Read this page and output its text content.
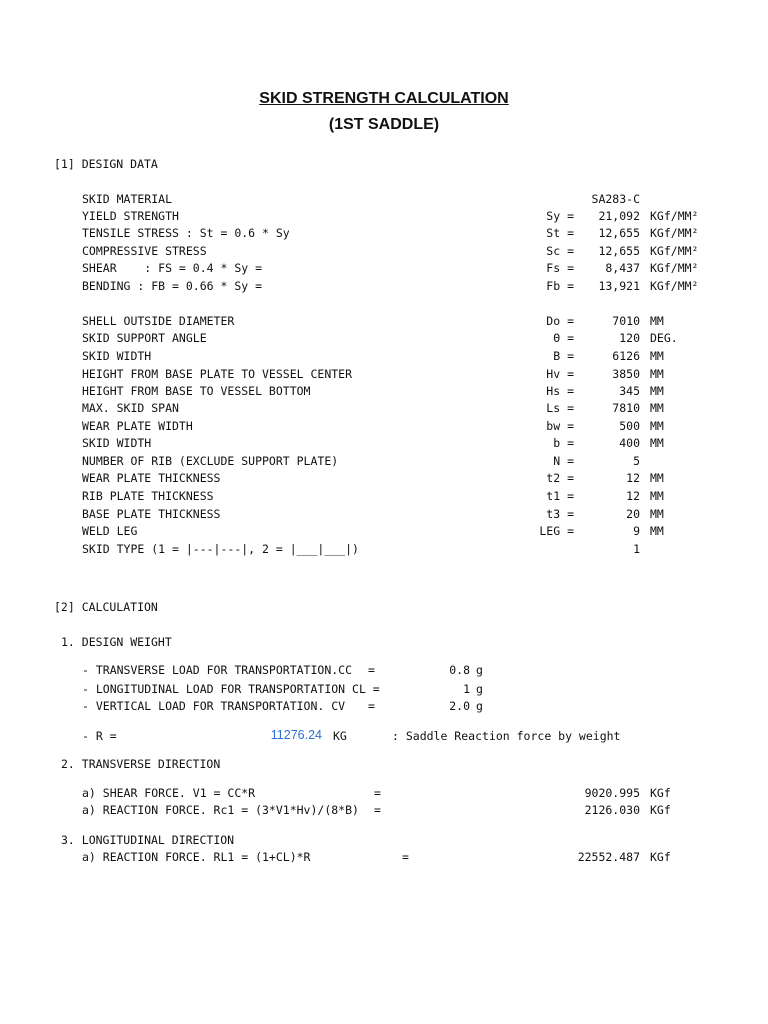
SKID STRENGTH CALCULATION
(1ST SADDLE)
[1] DESIGN DATA
SKID MATERIAL	SA283-C
YIELD STRENGTH	Sy =	21,092 KGf/MM²
TENSILE STRESS : St = 0.6 * Sy	St =	12,655 KGf/MM²
COMPRESSIVE STRESS	Sc =	12,655 KGf/MM²
SHEAR    : FS = 0.4 * Sy =	Fs =	8,437 KGf/MM²
BENDING : FB = 0.66 * Sy =	Fb =	13,921 KGf/MM²
SHELL OUTSIDE DIAMETER	Do =	7010 MM
SKID SUPPORT ANGLE	Θ =	120 DEG.
SKID WIDTH	B =	6126 MM
HEIGHT FROM BASE PLATE TO VESSEL CENTER	Hv =	3850 MM
HEIGHT FROM BASE TO VESSEL BOTTOM	Hs =	345 MM
MAX. SKID SPAN	Ls =	7810 MM
WEAR PLATE WIDTH	bw =	500 MM
SKID WIDTH	b =	400 MM
NUMBER OF RIB (EXCLUDE SUPPORT PLATE)	N =	5
WEAR PLATE THICKNESS	t2 =	12 MM
RIB PLATE THICKNESS	t1 =	12 MM
BASE PLATE THICKNESS	t3 =	20 MM
WELD LEG	LEG =	9 MM
SKID TYPE (1 = |---|---|, 2 = |___|___|)	1
[2] CALCULATION
1. DESIGN WEIGHT
- TRANSVERSE LOAD FOR TRANSPORTATION.CC =	0.8 g
- LONGITUDINAL LOAD FOR TRANSPORTATION CL =	1 g
- VERTICAL LOAD FOR TRANSPORTATION. CV =	2.0 g
- R =	11276.24 KG	: Saddle Reaction force by weight
2. TRANSVERSE DIRECTION
a) SHEAR FORCE. V1 = CC*R	=	9020.995 KGf
a) REACTION FORCE. Rc1 = (3*V1*Hv)/(8*B) =	2126.030 KGf
3. LONGITUDINAL DIRECTION
a) REACTION FORCE. RL1 = (1+CL)*R	=	22552.487 KGf
